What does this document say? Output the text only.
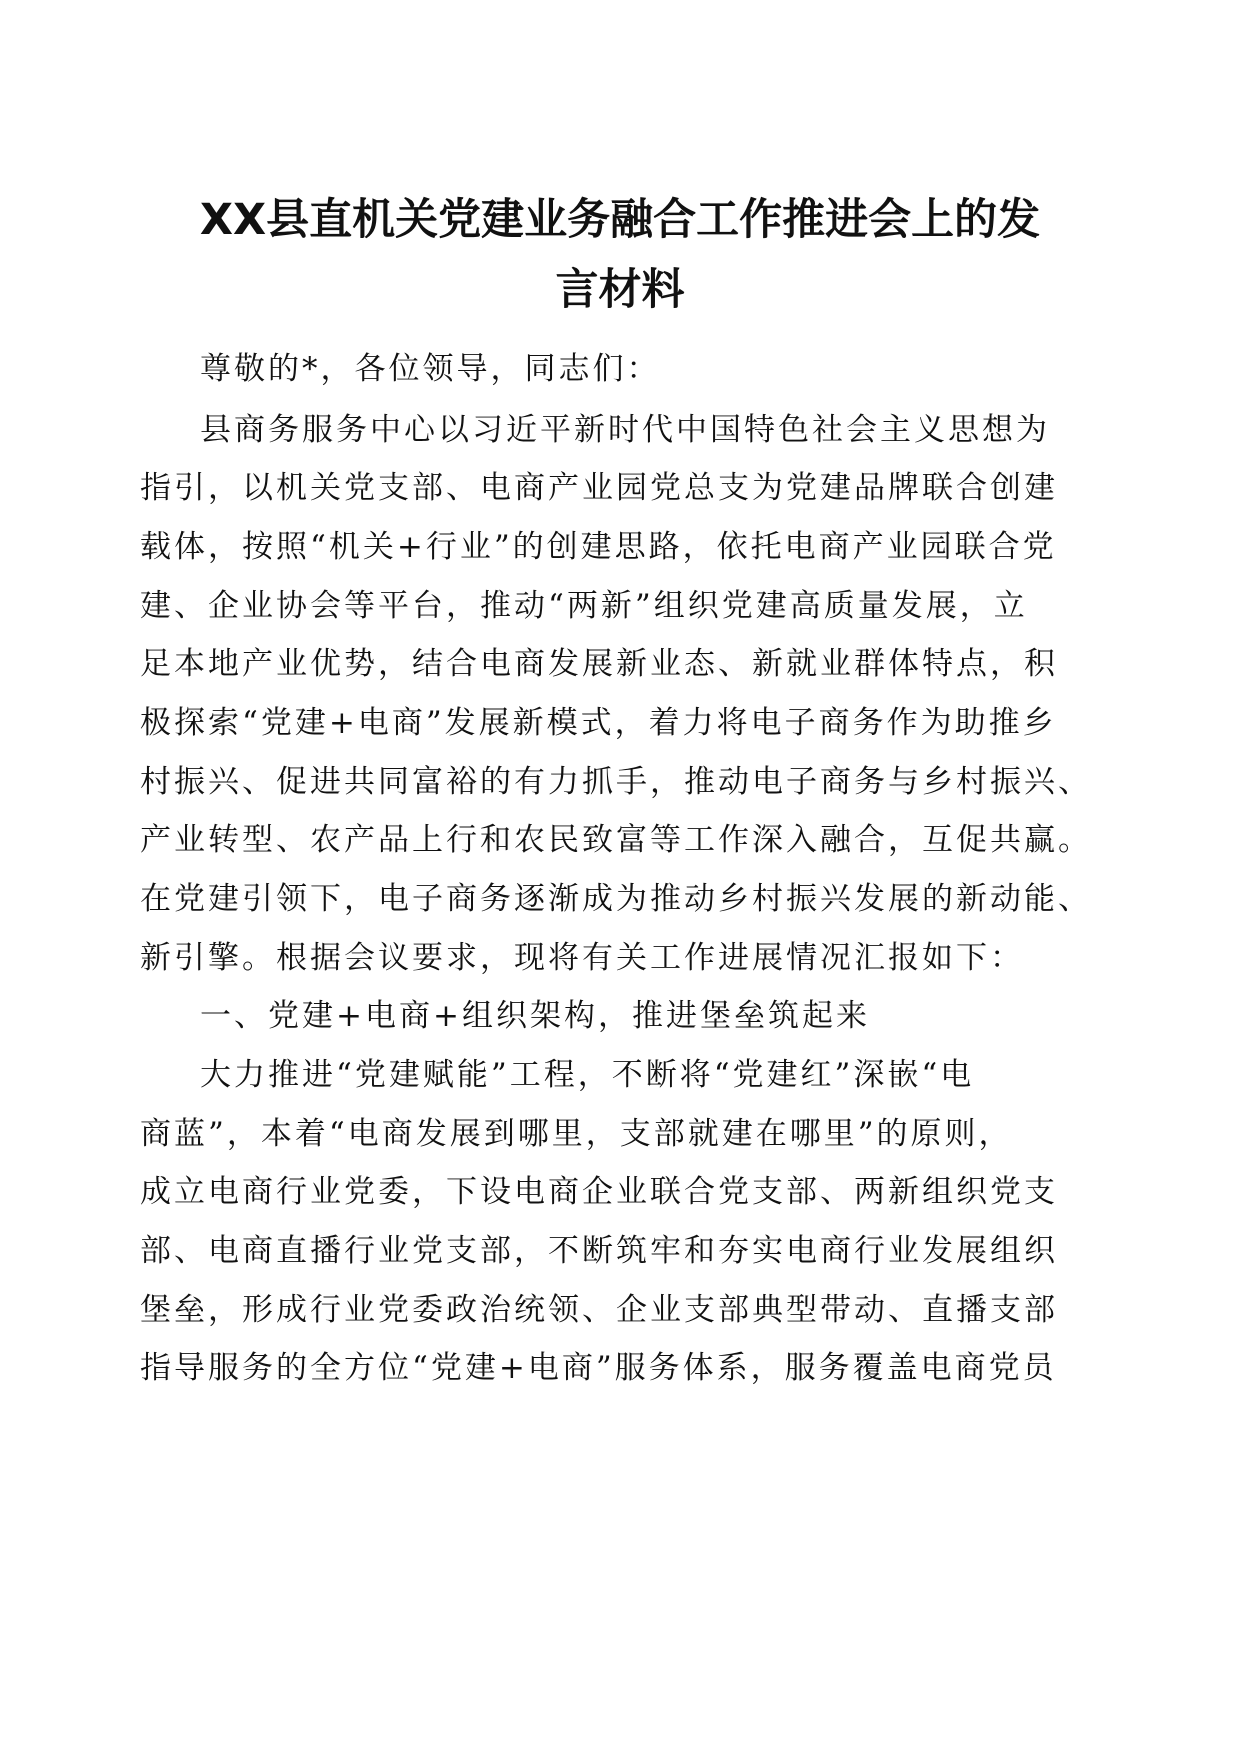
XX县直机关党建业务融合工作推进会上的发
言材料

尊敬的*，各位领导，同志们：

县商务服务中心以习近平新时代中国特色社会主义思想为

指引，以机关党支部、电商产业园党总支为党建品牌联合创建

载体，按照“机关+行业”的创建思路，依托电商产业园联合党

建、企业协会等平台，推动“两新”组织党建高质量发展，立

足本地产业优势，结合电商发展新业态、新就业群体特点，积

极探索“党建+电商”发展新模式，着力将电子商务作为助推乡

村振兴、促进共同富裕的有力抓手，推动电子商务与乡村振兴、

产业转型、农产品上行和农民致富等工作深入融合，互促共赢。

在党建引领下，电子商务逐渐成为推动乡村振兴发展的新动能、

新引擎。根据会议要求，现将有关工作进展情况汇报如下：

一、党建+电商+组织架构，推进堡垒筑起来

大力推进“党建赋能”工程，不断将“党建红”深嵌“电

商蓝”，本着“电商发展到哪里，支部就建在哪里”的原则，

成立电商行业党委，下设电商企业联合党支部、两新组织党支

部、电商直播行业党支部，不断筑牢和夯实电商行业发展组织

堡垒，形成行业党委政治统领、企业支部典型带动、直播支部

指导服务的全方位“党建+电商”服务体系，服务覆盖电商党员
